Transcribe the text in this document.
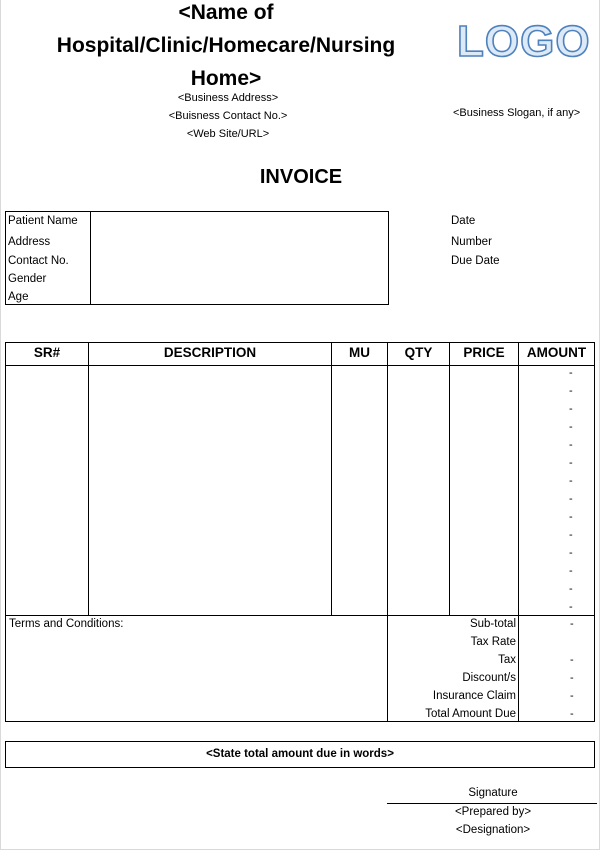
<Name of
Hospital/Clinic/Homecare/Nursing
Home>
<Business Address>
<Buisness Contact No.>
<Web Site/URL>
LOGO
<Business Slogan, if any>
INVOICE
Patient Name
Address
Contact No.
Gender
Age
Date
Number
Due Date
SR#	DESCRIPTION	MU	QTY	PRICE	AMOUNT
-
-
-
-
-
-
-
-
-
-
-
-
-
-
Terms and Conditions:	Sub-total	-
Tax Rate
Tax	-
Discount/s	-
Insurance Claim	-
Total Amount Due	-
<State total amount due in words>
Signature
<Prepared by>
<Designation>
